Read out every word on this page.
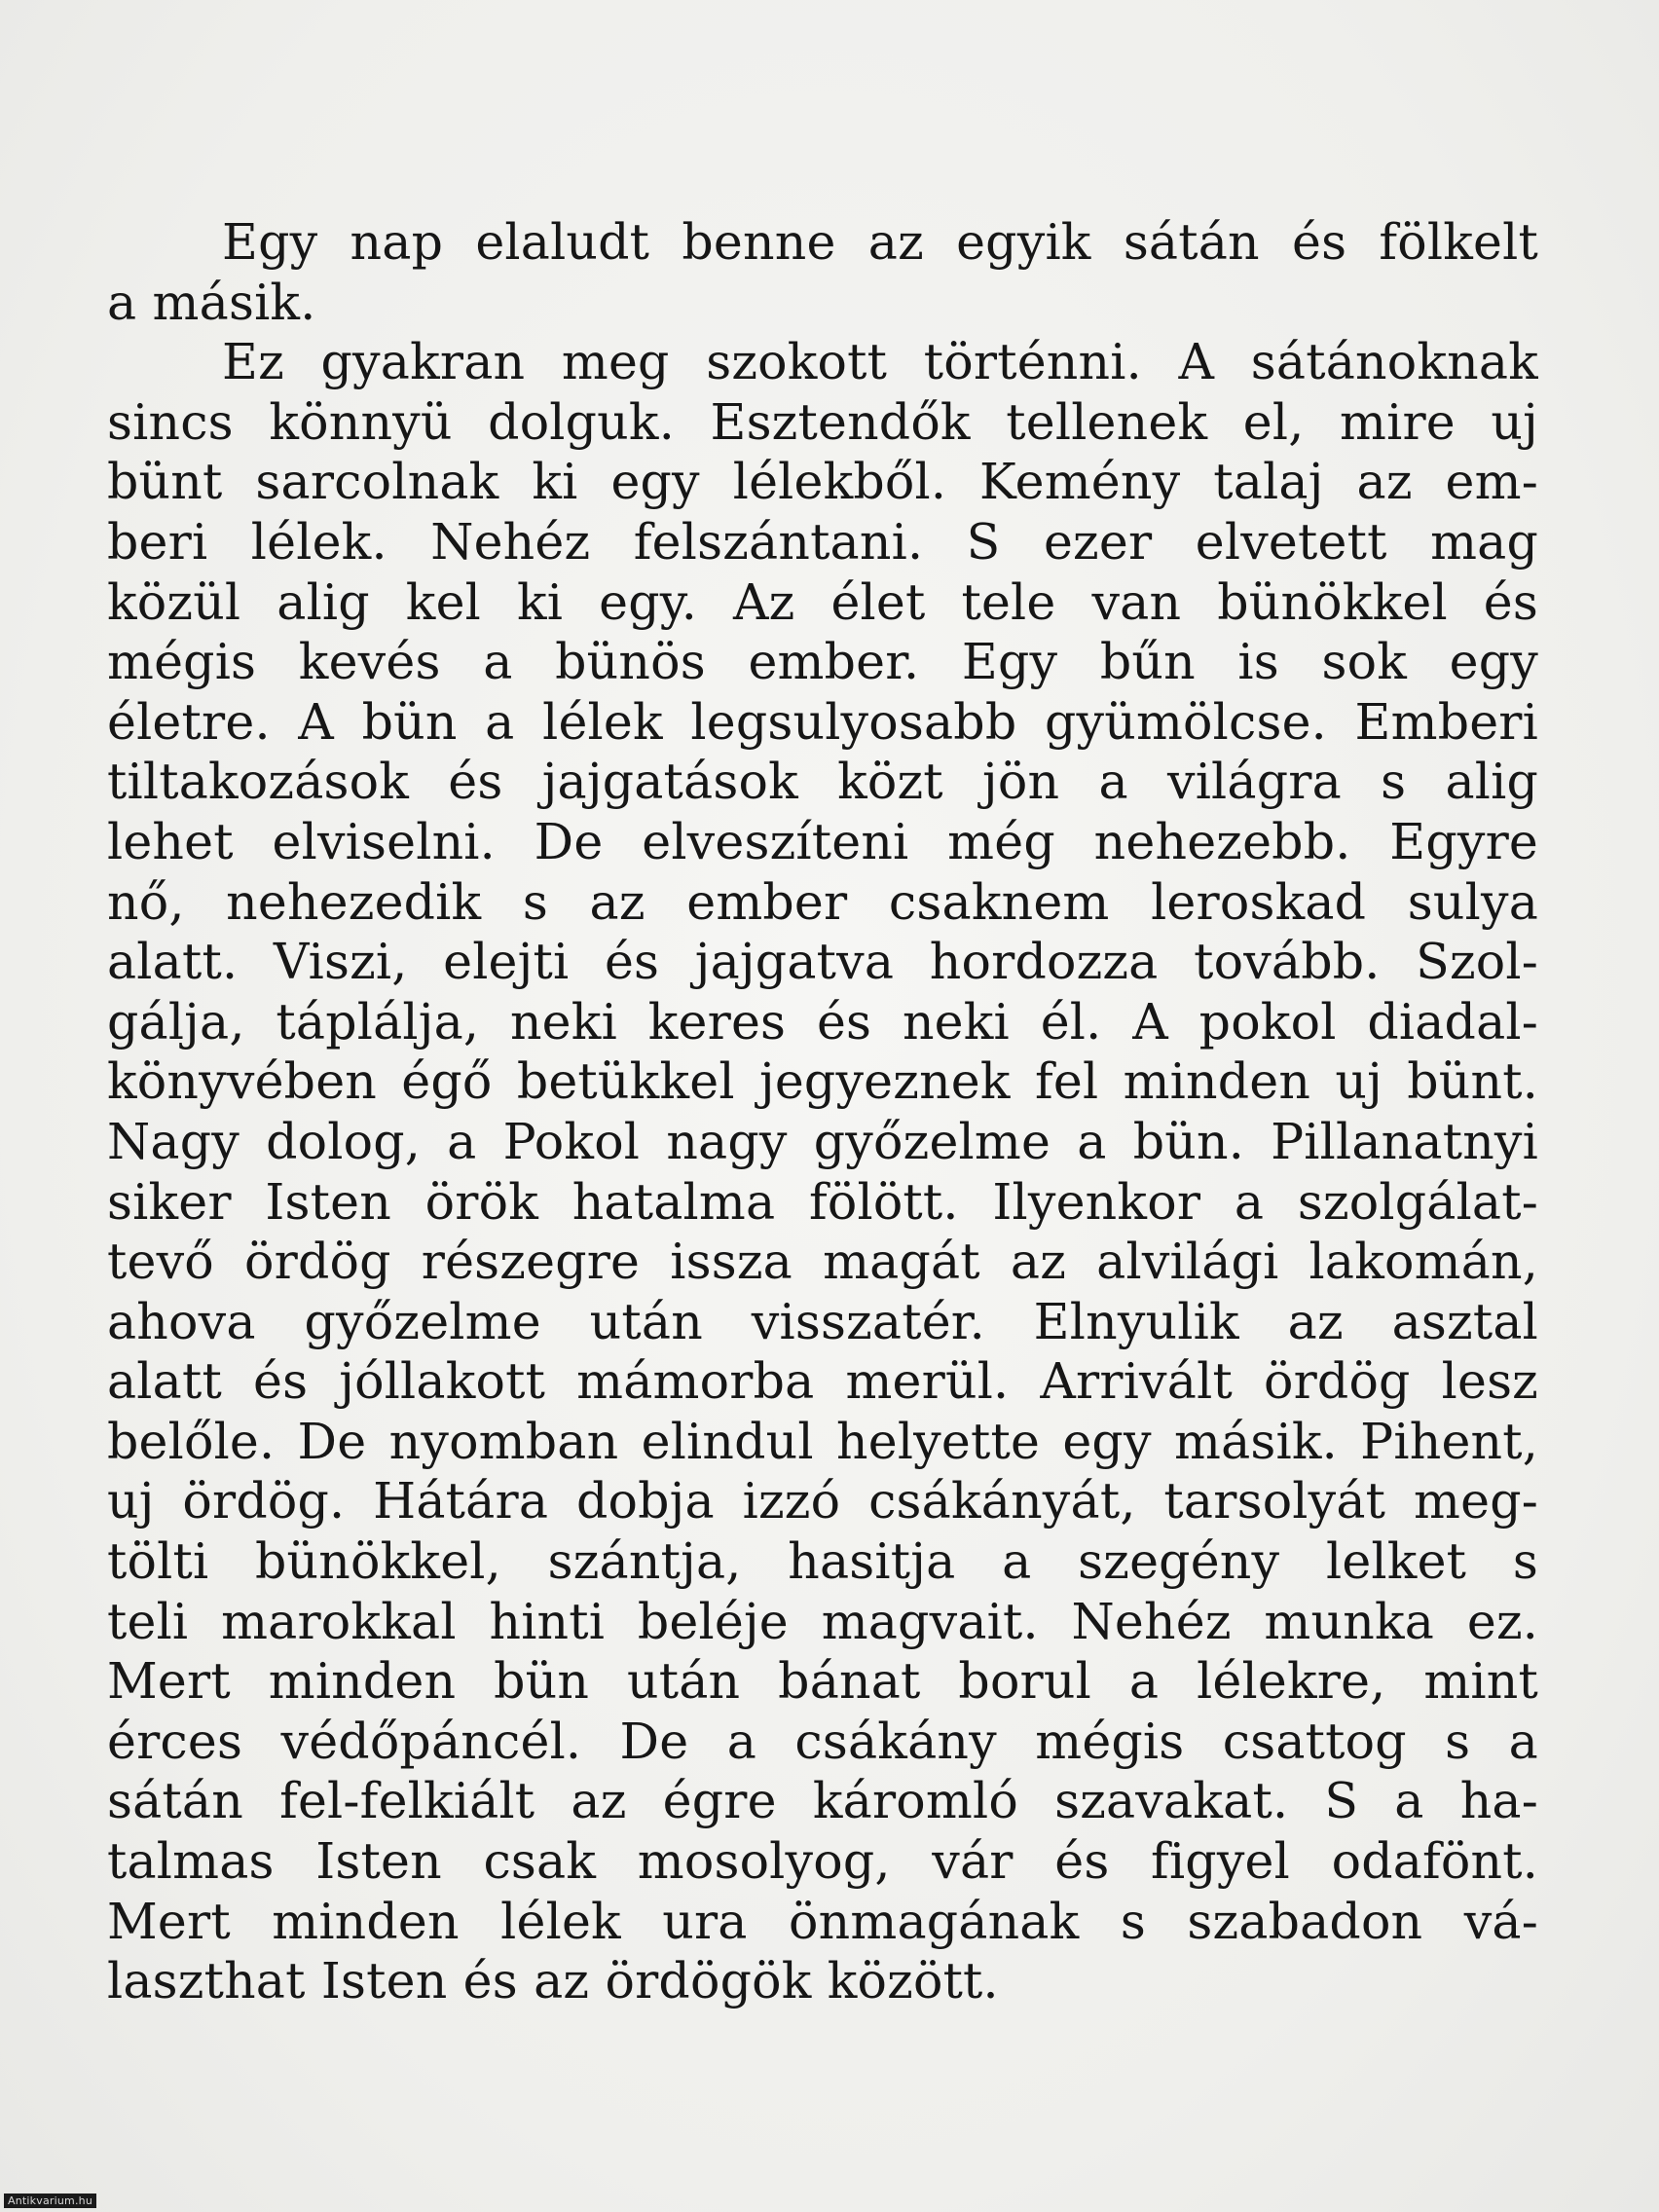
Egy nap elaludt benne az egyik sátán és fölkelt
a másik.
Ez gyakran meg szokott történni. A sátánoknak
sincs könnyü dolguk. Esztendők tellenek el, mire uj
bünt sarcolnak ki egy lélekből. Kemény talaj az em-
beri lélek. Nehéz felszántani. S ezer elvetett mag
közül alig kel ki egy. Az élet tele van bünökkel és
mégis kevés a bünös ember. Egy bűn is sok egy
életre. A bün a lélek legsulyosabb gyümölcse. Emberi
tiltakozások és jajgatások közt jön a világra s alig
lehet elviselni. De elveszíteni még nehezebb. Egyre
nő, nehezedik s az ember csaknem leroskad sulya
alatt. Viszi, elejti és jajgatva hordozza tovább. Szol-
gálja, táplálja, neki keres és neki él. A pokol diadal-
könyvében égő betükkel jegyeznek fel minden uj bünt.
Nagy dolog, a Pokol nagy győzelme a bün. Pillanatnyi
siker Isten örök hatalma fölött. Ilyenkor a szolgálat-
tevő ördög részegre issza magát az alvilági lakomán,
ahova győzelme után visszatér. Elnyulik az asztal
alatt és jóllakott mámorba merül. Arrivált ördög lesz
belőle. De nyomban elindul helyette egy másik. Pihent,
uj ördög. Hátára dobja izzó csákányát, tarsolyát meg-
tölti bünökkel, szántja, hasitja a szegény lelket s
teli marokkal hinti beléje magvait. Nehéz munka ez.
Mert minden bün után bánat borul a lélekre, mint
érces védőpáncél. De a csákány mégis csattog s a
sátán fel-felkiált az égre káromló szavakat. S a ha-
talmas Isten csak mosolyog, vár és figyel odafönt.
Mert minden lélek ura önmagának s szabadon vá-
laszthat Isten és az ördögök között.
Antikvarium.hu
